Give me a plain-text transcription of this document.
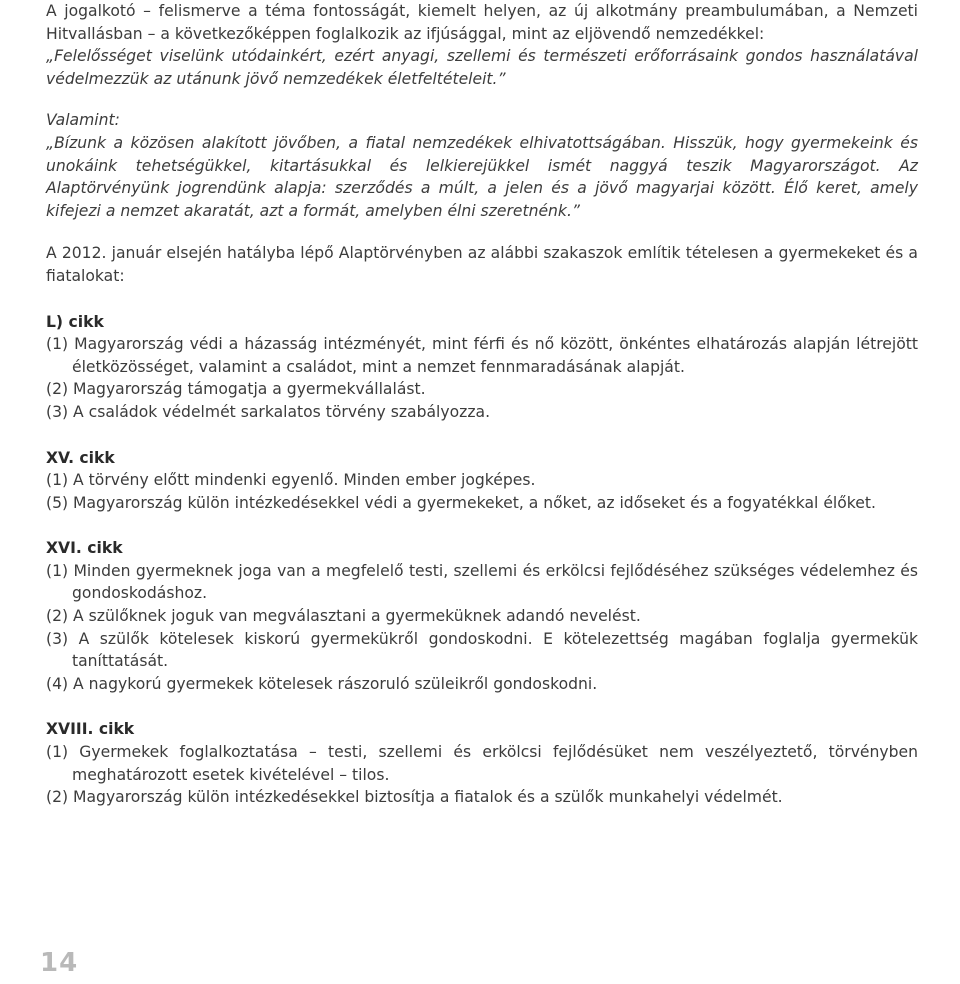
A jogalkotó – felismerve a téma fontosságát, kiemelt helyen, az új alkotmány preambulumában, a Nemzeti Hitvallásban – a következőképpen foglalkozik az ifjúsággal, mint az eljövendő nemzedékkel:

„Felelősséget viselünk utódainkért, ezért anyagi, szellemi és természeti erőforrásaink gondos használatával védelmezzük az utánunk jövő nemzedékek életfeltételeit.”

Valamint:

„Bízunk a közösen alakított jövőben, a fiatal nemzedékek elhivatottságában. Hisszük, hogy gyermekeink és unokáink tehetségükkel, kitartásukkal és lelkierejükkel ismét naggyá teszik Magyarországot. Az Alaptörvényünk jogrendünk alapja: szerződés a múlt, a jelen és a jövő magyarjai között. Élő keret, amely kifejezi a nemzet akaratát, azt a formát, amelyben élni szeretnénk.”

A 2012. január elsején hatályba lépő Alaptörvényben az alábbi szakaszok említik tételesen a gyermekeket és a fiatalokat:

L) cikk

(1) Magyarország védi a házasság intézményét, mint férfi és nő között, önkéntes elhatározás alapján létrejött életközösséget, valamint a családot, mint a nemzet fennmaradásának alapját.

(2) Magyarország támogatja a gyermekvállalást.

(3) A családok védelmét sarkalatos törvény szabályozza.

XV. cikk

(1) A törvény előtt mindenki egyenlő. Minden ember jogképes.

(5) Magyarország külön intézkedésekkel védi a gyermekeket, a nőket, az időseket és a fogyatékkal élőket.

XVI. cikk

(1) Minden gyermeknek joga van a megfelelő testi, szellemi és erkölcsi fejlődéséhez szükséges védelemhez és gondoskodáshoz.

(2) A szülőknek joguk van megválasztani a gyermeküknek adandó nevelést.

(3) A szülők kötelesek kiskorú gyermekükről gondoskodni. E kötelezettség magában foglalja gyermekük taníttatását.

(4) A nagykorú gyermekek kötelesek rászoruló szüleikről gondoskodni.

XVIII. cikk

(1) Gyermekek foglalkoztatása – testi, szellemi és erkölcsi fejlődésüket nem veszélyeztető, törvényben meghatározott esetek kivételével – tilos.

(2) Magyarország külön intézkedésekkel biztosítja a fiatalok és a szülők munkahelyi védelmét.

14
